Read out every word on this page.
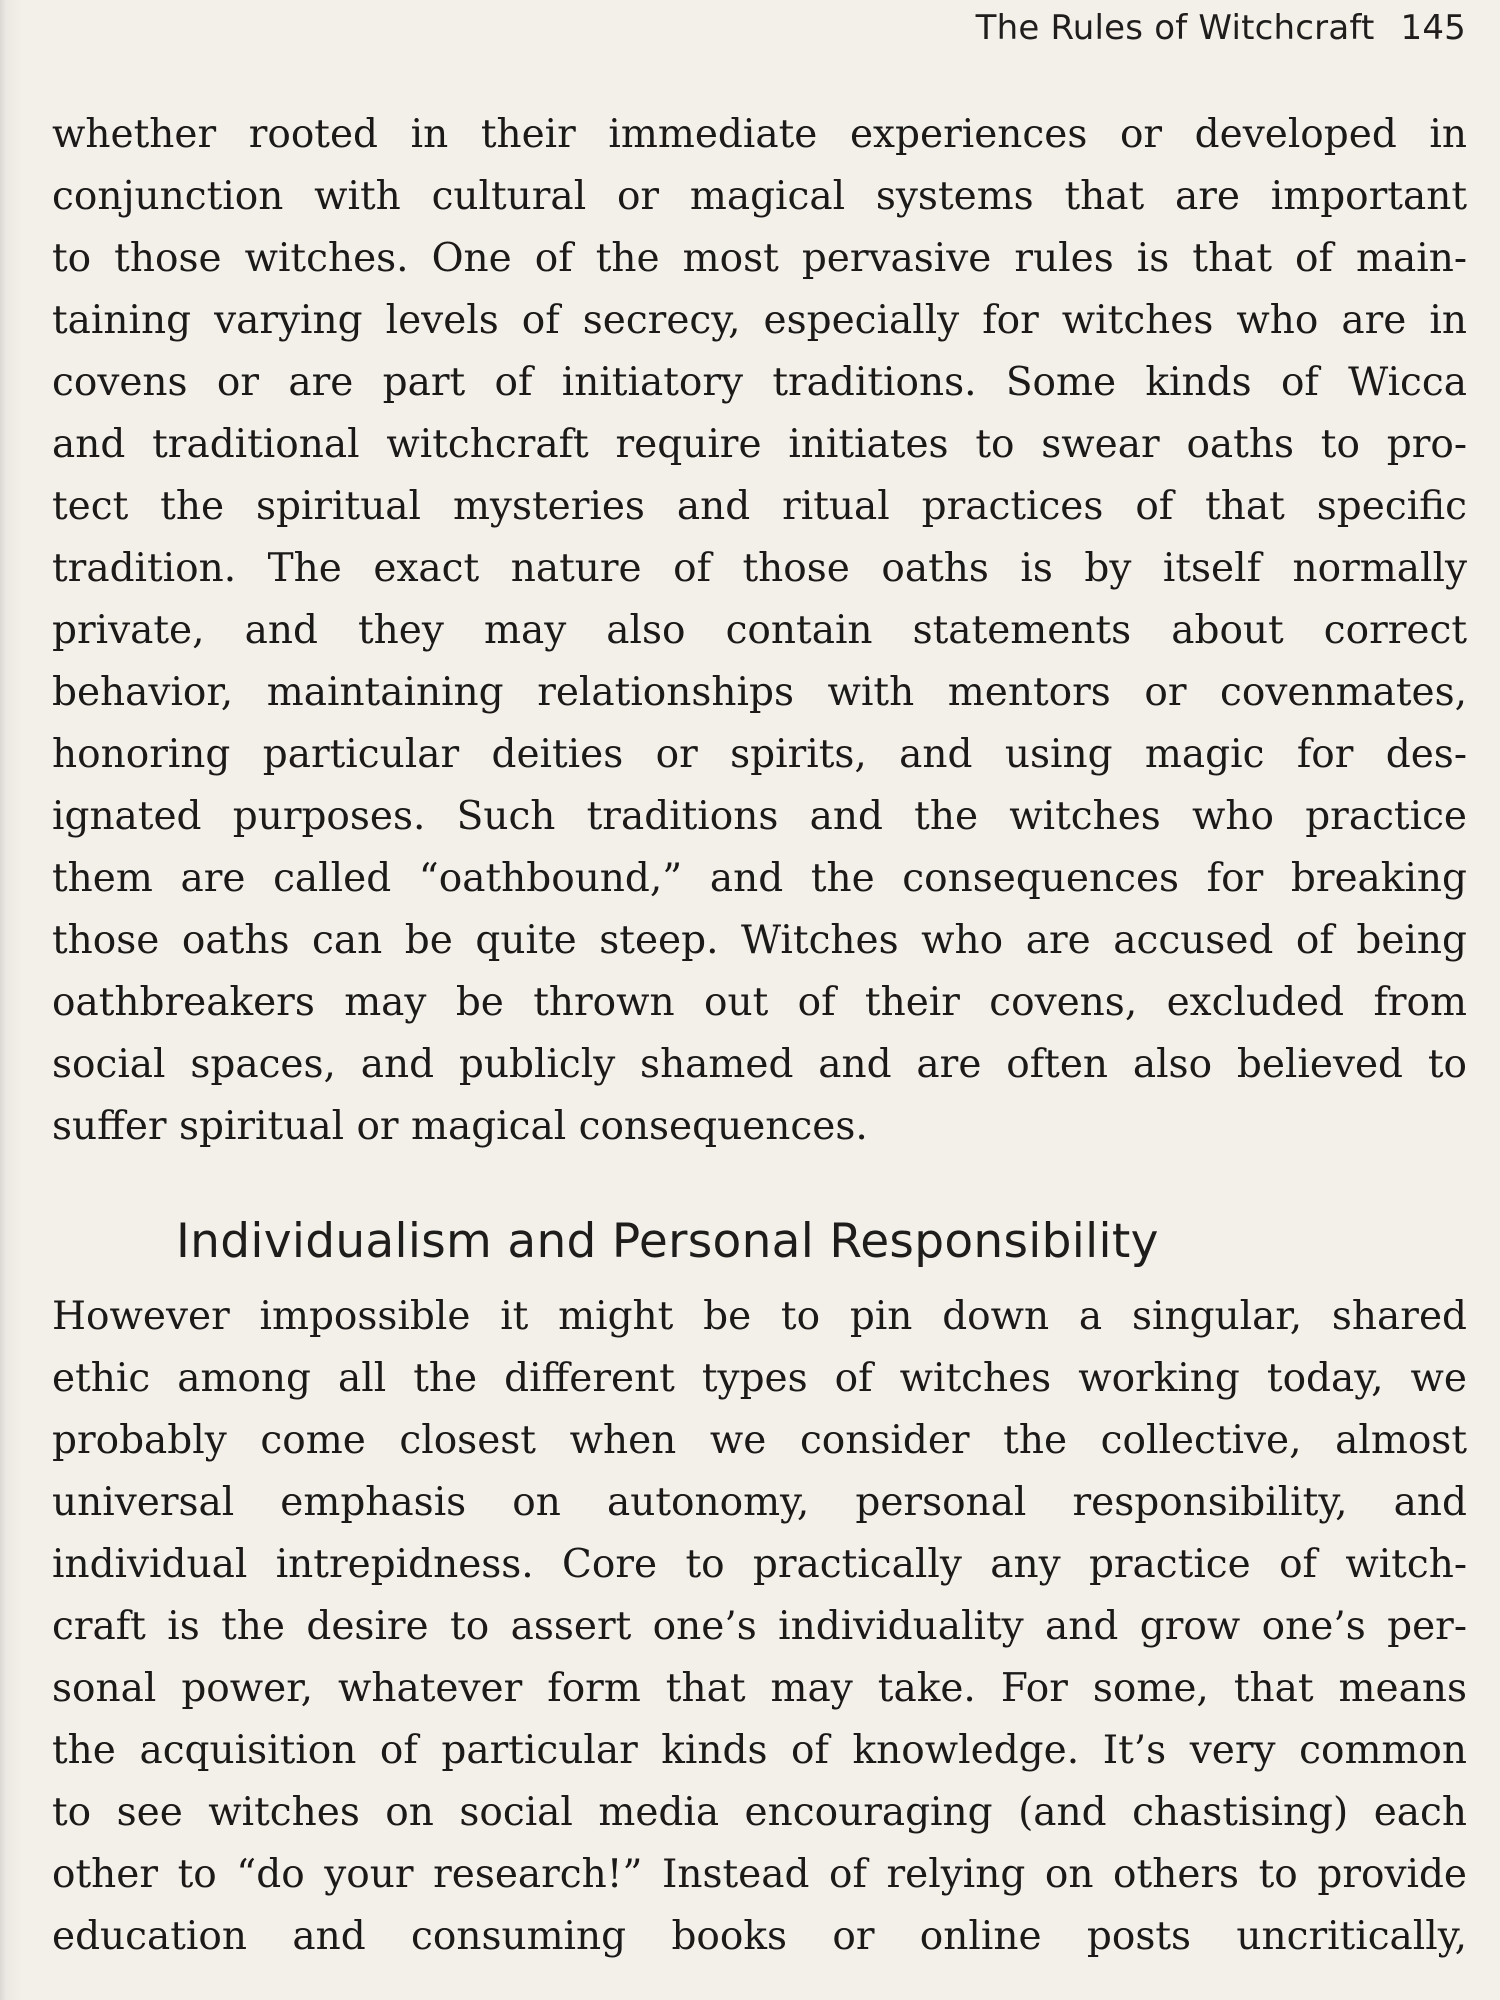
The Rules of Witchcraft 145
whether rooted in their immediate experiences or developed in
conjunction with cultural or magical systems that are important
to those witches. One of the most pervasive rules is that of main-
taining varying levels of secrecy, especially for witches who are in
covens or are part of initiatory traditions. Some kinds of Wicca
and traditional witchcraft require initiates to swear oaths to pro-
tect the spiritual mysteries and ritual practices of that specific
tradition. The exact nature of those oaths is by itself normally
private, and they may also contain statements about correct
behavior, maintaining relationships with mentors or covenmates,
honoring particular deities or spirits, and using magic for des-
ignated purposes. Such traditions and the witches who practice
them are called “oathbound,” and the consequences for breaking
those oaths can be quite steep. Witches who are accused of being
oathbreakers may be thrown out of their covens, excluded from
social spaces, and publicly shamed and are often also believed to
suffer spiritual or magical consequences.
Individualism and Personal Responsibility
However impossible it might be to pin down a singular, shared
ethic among all the different types of witches working today, we
probably come closest when we consider the collective, almost
universal emphasis on autonomy, personal responsibility, and
individual intrepidness. Core to practically any practice of witch-
craft is the desire to assert one’s individuality and grow one’s per-
sonal power, whatever form that may take. For some, that means
the acquisition of particular kinds of knowledge. It’s very common
to see witches on social media encouraging (and chastising) each
other to “do your research!” Instead of relying on others to provide
education and consuming books or online posts uncritically,
